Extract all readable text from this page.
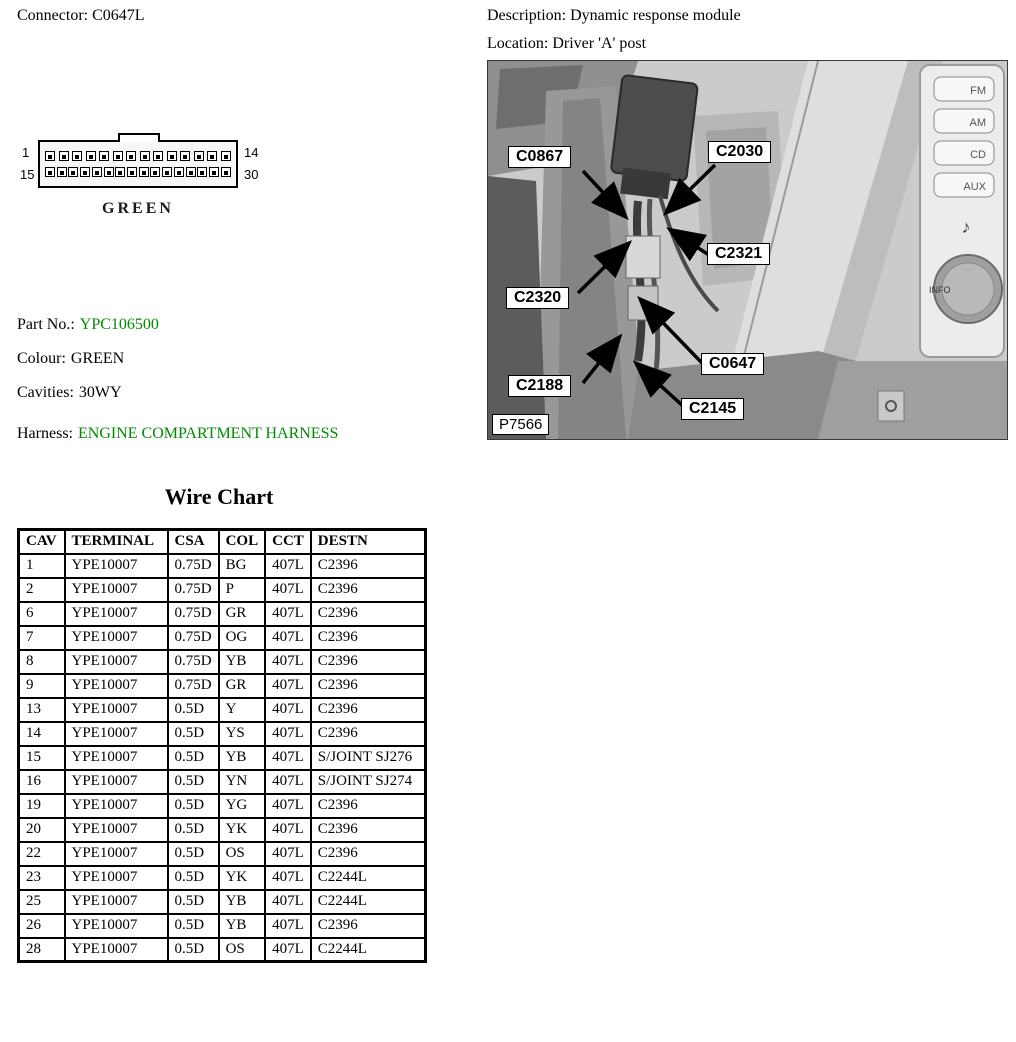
Connector: C0647L	Description: Dynamic response module
Location: Driver 'A' post
1	14
15	30
GREEN
Part No.: YPC106500
Colour: GREEN
Cavities: 30WY
Harness: ENGINE COMPARTMENT HARNESS
FM
AM
CD
AUX
♪
INFO
C0867	C2030
C2321
C2320
C0647
C2188
C2145
P7566
Wire Chart
CAV	TERMINAL	CSA	COL	CCT	DESTN
1	YPE10007	0.75D	BG	407L	C2396
2	YPE10007	0.75D	P	407L	C2396
6	YPE10007	0.75D	GR	407L	C2396
7	YPE10007	0.75D	OG	407L	C2396
8	YPE10007	0.75D	YB	407L	C2396
9	YPE10007	0.75D	GR	407L	C2396
13	YPE10007	0.5D	Y	407L	C2396
14	YPE10007	0.5D	YS	407L	C2396
15	YPE10007	0.5D	YB	407L	S/JOINT SJ276
16	YPE10007	0.5D	YN	407L	S/JOINT SJ274
19	YPE10007	0.5D	YG	407L	C2396
20	YPE10007	0.5D	YK	407L	C2396
22	YPE10007	0.5D	OS	407L	C2396
23	YPE10007	0.5D	YK	407L	C2244L
25	YPE10007	0.5D	YB	407L	C2244L
26	YPE10007	0.5D	YB	407L	C2396
28	YPE10007	0.5D	OS	407L	C2244L
